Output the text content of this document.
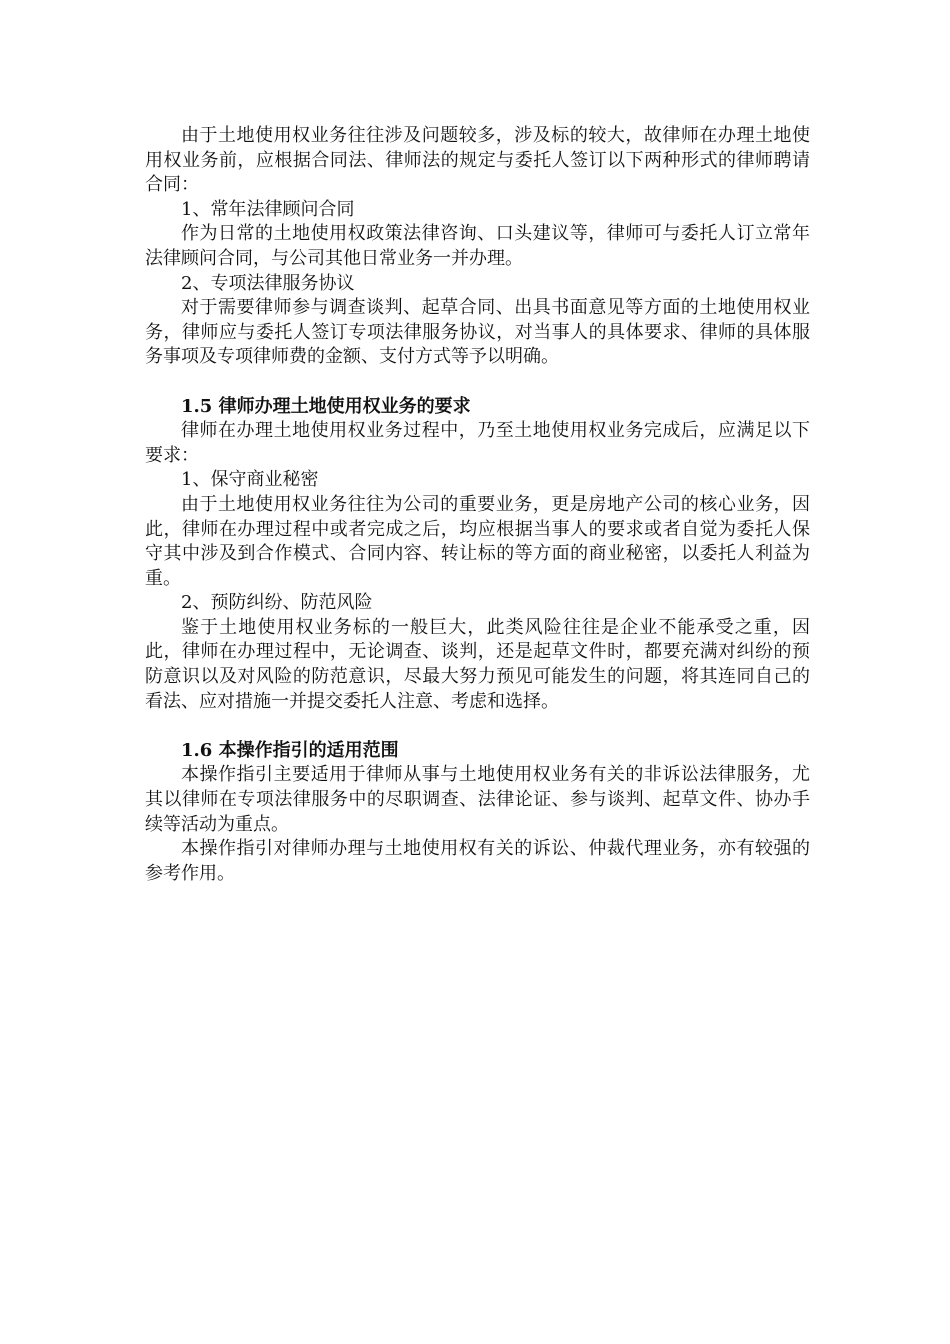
由于土地使用权业务往往涉及问题较多，涉及标的较大，故律师在办理土地使用权业务前，应根据合同法、律师法的规定与委托人签订以下两种形式的律师聘请合同：

1、常年法律顾问合同

作为日常的土地使用权政策法律咨询、口头建议等，律师可与委托人订立常年法律顾问合同，与公司其他日常业务一并办理。

2、专项法律服务协议

对于需要律师参与调查谈判、起草合同、出具书面意见等方面的土地使用权业务，律师应与委托人签订专项法律服务协议，对当事人的具体要求、律师的具体服务事项及专项律师费的金额、支付方式等予以明确。

1.5 律师办理土地使用权业务的要求

律师在办理土地使用权业务过程中，乃至土地使用权业务完成后，应满足以下要求：

1、保守商业秘密

由于土地使用权业务往往为公司的重要业务，更是房地产公司的核心业务，因此，律师在办理过程中或者完成之后，均应根据当事人的要求或者自觉为委托人保守其中涉及到合作模式、合同内容、转让标的等方面的商业秘密，以委托人利益为重。

2、预防纠纷、防范风险

鉴于土地使用权业务标的一般巨大，此类风险往往是企业不能承受之重，因此，律师在办理过程中，无论调查、谈判，还是起草文件时，都要充满对纠纷的预防意识以及对风险的防范意识，尽最大努力预见可能发生的问题，将其连同自己的看法、应对措施一并提交委托人注意、考虑和选择。

1.6 本操作指引的适用范围

本操作指引主要适用于律师从事与土地使用权业务有关的非诉讼法律服务，尤其以律师在专项法律服务中的尽职调查、法律论证、参与谈判、起草文件、协办手续等活动为重点。

本操作指引对律师办理与土地使用权有关的诉讼、仲裁代理业务，亦有较强的参考作用。
